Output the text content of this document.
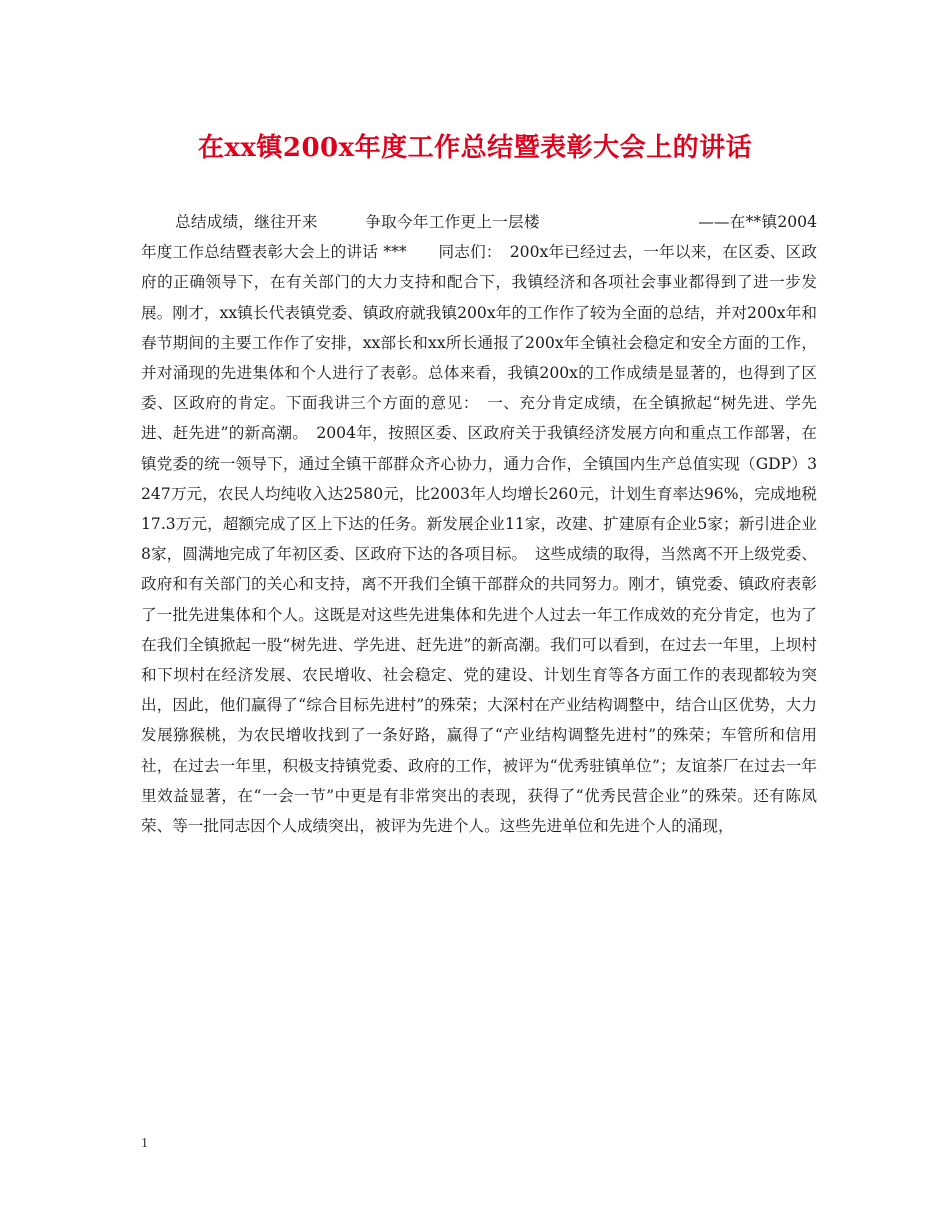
在xx镇200x年度工作总结暨表彰大会上的讲话

总结成绩，继往开来　　　争取今年工作更上一层楼　　　　　　　　　　——在**镇2004年度工作总结暨表彰大会上的讲话 ***　　同志们：　200x年已经过去，一年以来，在区委、区政府的正确领导下，在有关部门的大力支持和配合下，我镇经济和各项社会事业都得到了进一步发展。刚才，xx镇长代表镇党委、镇政府就我镇200x年的工作作了较为全面的总结，并对200x年和春节期间的主要工作作了安排，xx部长和xx所长通报了200x年全镇社会稳定和安全方面的工作，并对涌现的先进集体和个人进行了表彰。总体来看，我镇200x的工作成绩是显著的，也得到了区委、区政府的肯定。下面我讲三个方面的意见：　一、充分肯定成绩，在全镇掀起“树先进、学先进、赶先进”的新高潮。　2004年，按照区委、区政府关于我镇经济发展方向和重点工作部署，在镇党委的统一领导下，通过全镇干部群众齐心协力，通力合作，全镇国内生产总值实现（GDP）3247万元，农民人均纯收入达2580元，比2003年人均增长260元，计划生育率达96%，完成地税17.3万元，超额完成了区上下达的任务。新发展企业11家，改建、扩建原有企业5家；新引进企业8家，圆满地完成了年初区委、区政府下达的各项目标。　这些成绩的取得，当然离不开上级党委、政府和有关部门的关心和支持，离不开我们全镇干部群众的共同努力。刚才，镇党委、镇政府表彰了一批先进集体和个人。这既是对这些先进集体和先进个人过去一年工作成效的充分肯定，也为了在我们全镇掀起一股“树先进、学先进、赶先进”的新高潮。我们可以看到，在过去一年里，上坝村和下坝村在经济发展、农民增收、社会稳定、党的建设、计划生育等各方面工作的表现都较为突出，因此，他们赢得了“综合目标先进村”的殊荣；大深村在产业结构调整中，结合山区优势，大力发展猕猴桃，为农民增收找到了一条好路，赢得了“产业结构调整先进村”的殊荣；车管所和信用社，在过去一年里，积极支持镇党委、政府的工作，被评为“优秀驻镇单位”；友谊茶厂在过去一年里效益显著，在“一会一节”中更是有非常突出的表现，获得了“优秀民营企业”的殊荣。还有陈凤荣、等一批同志因个人成绩突出，被评为先进个人。这些先进单位和先进个人的涌现，

1
